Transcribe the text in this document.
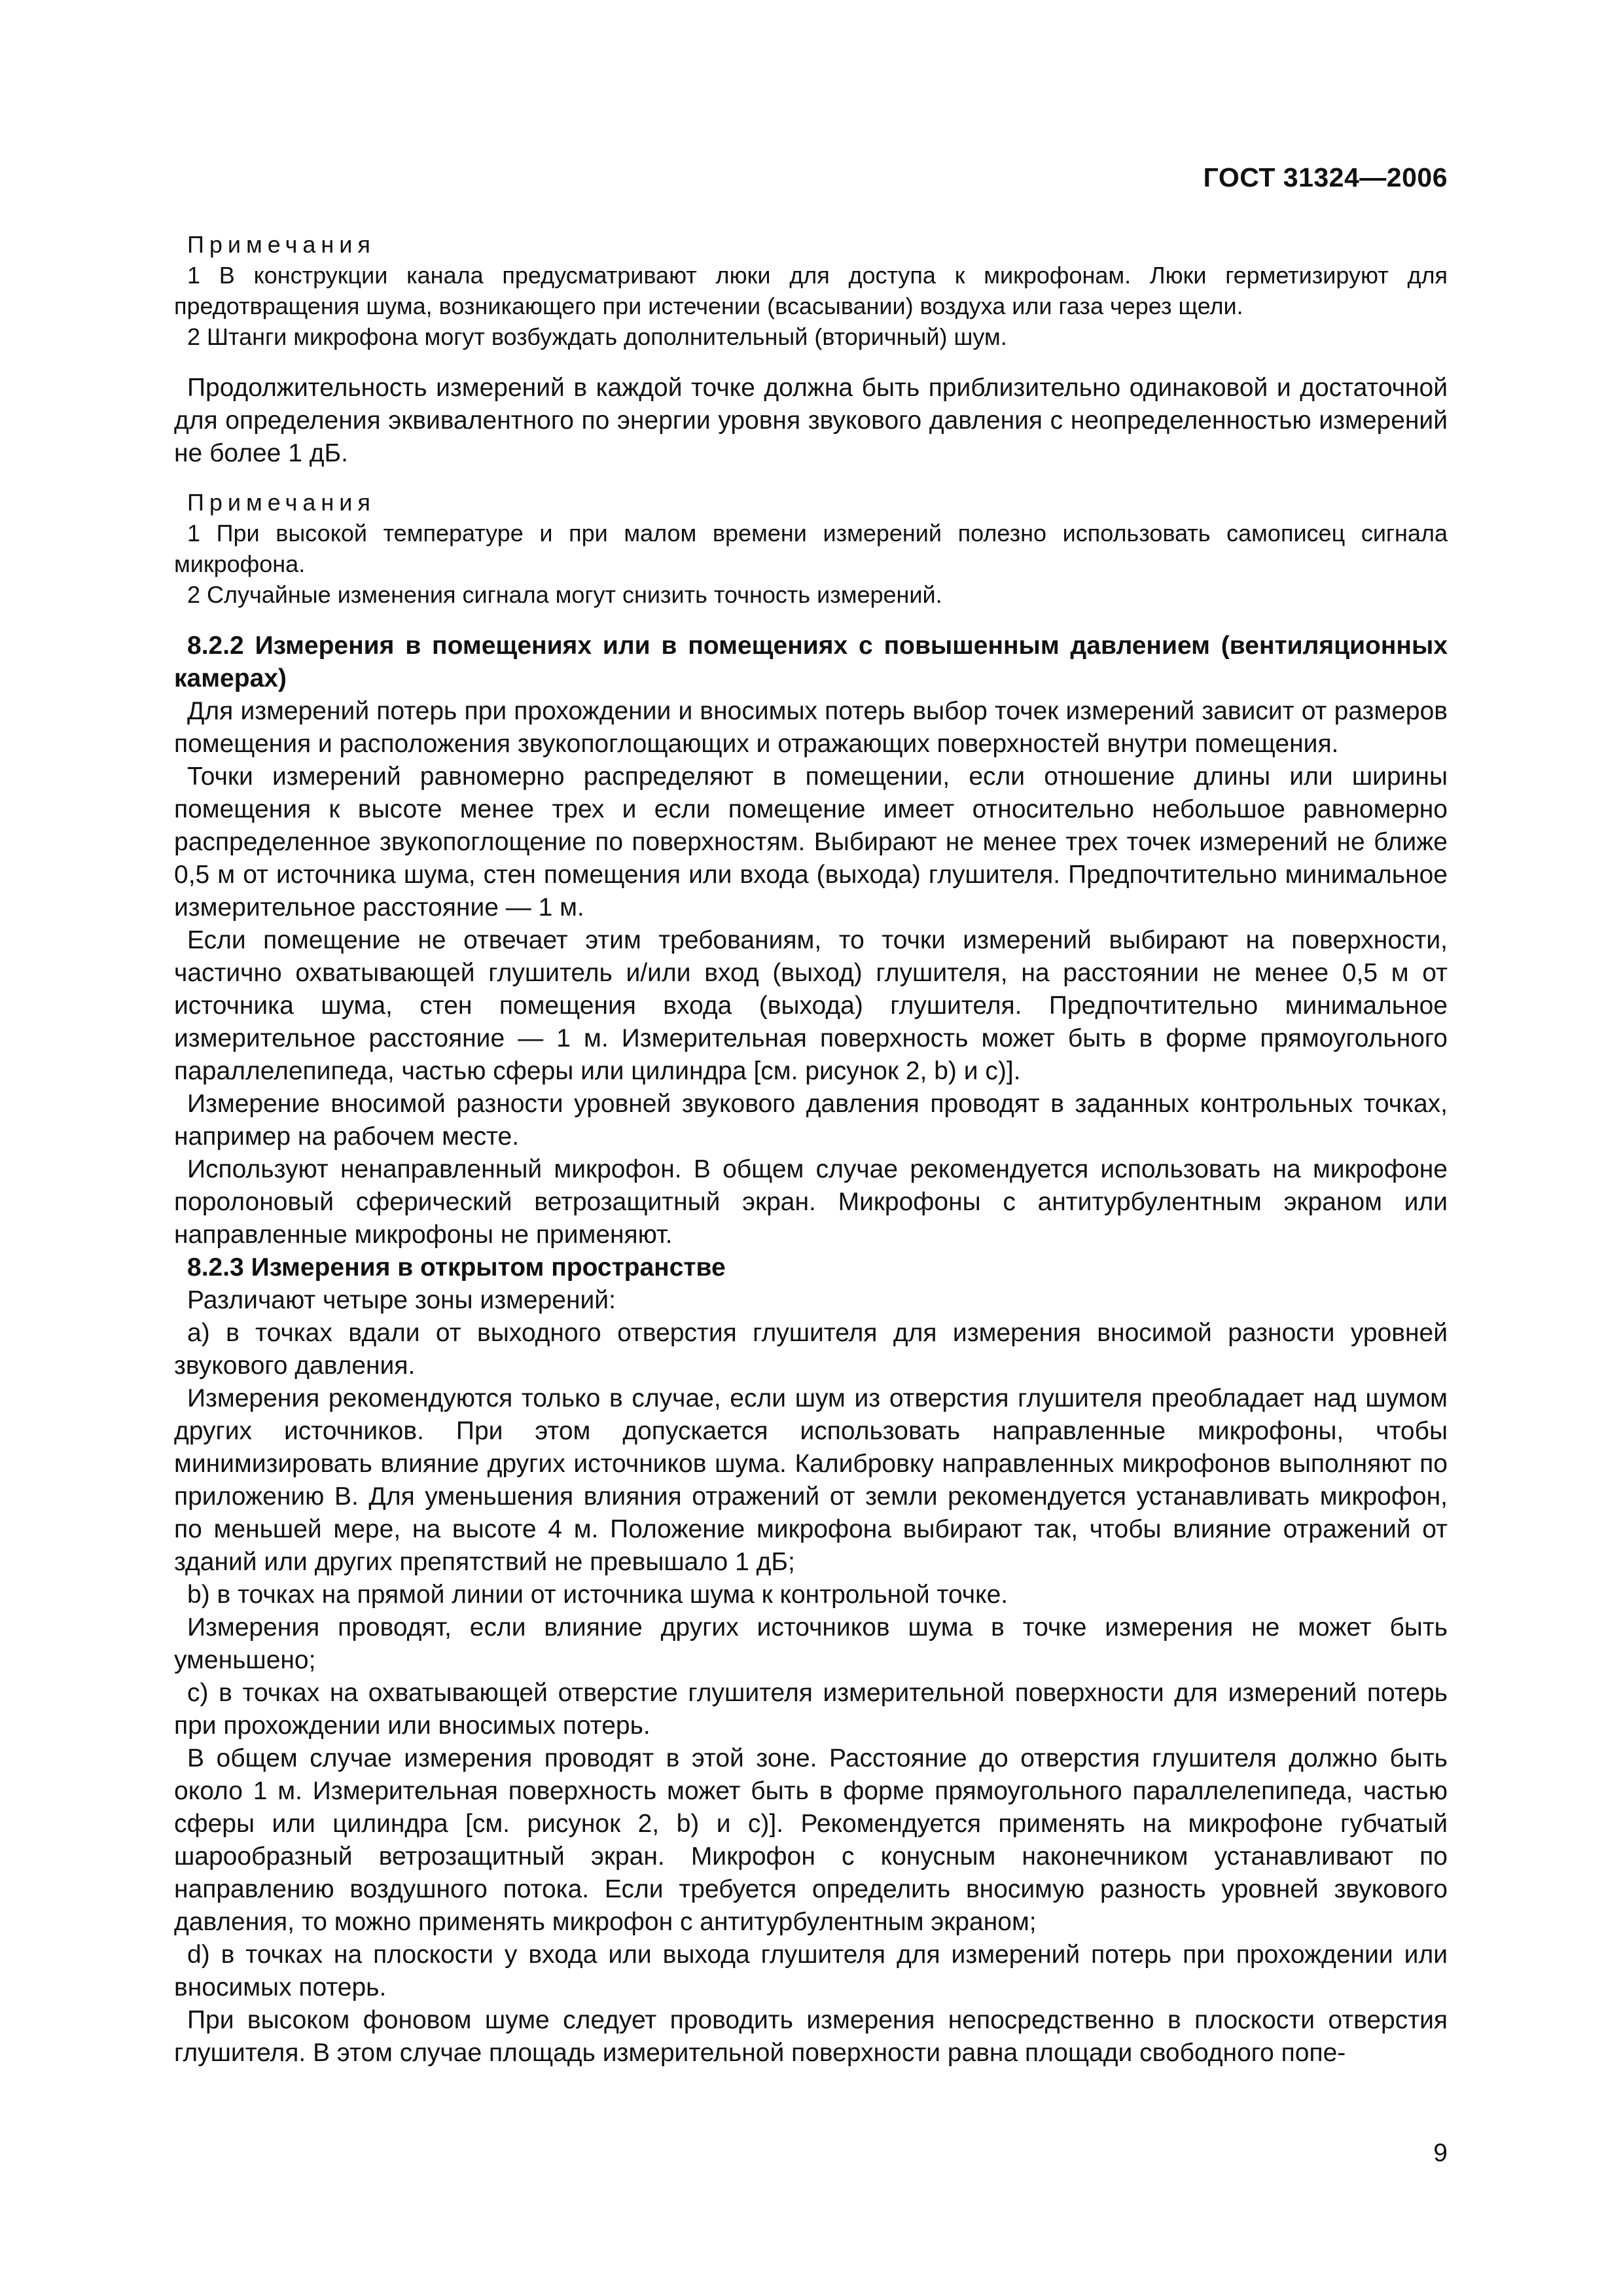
ГОСТ 31324—2006

Примечания

1 В конструкции канала предусматривают люки для доступа к микрофонам. Люки герметизируют для предотвращения шума, возникающего при истечении (всасывании) воздуха или газа через щели.

2 Штанги микрофона могут возбуждать дополнительный (вторичный) шум.

Продолжительность измерений в каждой точке должна быть приблизительно одинаковой и достаточной для определения эквивалентного по энергии уровня звукового давления с неопределенностью измерений не более 1 дБ.

Примечания

1 При высокой температуре и при малом времени измерений полезно использовать самописец сигнала микрофона.

2 Случайные изменения сигнала могут снизить точность измерений.

8.2.2 Измерения в помещениях или в помещениях с повышенным давлением (вентиляционных камерах)

Для измерений потерь при прохождении и вносимых потерь выбор точек измерений зависит от размеров помещения и расположения звукопоглощающих и отражающих поверхностей внутри помещения.

Точки измерений равномерно распределяют в помещении, если отношение длины или ширины помещения к высоте менее трех и если помещение имеет относительно небольшое равномерно распределенное звукопоглощение по поверхностям. Выбирают не менее трех точек измерений не ближе 0,5 м от источника шума, стен помещения или входа (выхода) глушителя. Предпочтительно минимальное измерительное расстояние — 1 м.

Если помещение не отвечает этим требованиям, то точки измерений выбирают на поверхности, частично охватывающей глушитель и/или вход (выход) глушителя, на расстоянии не менее 0,5 м от источника шума, стен помещения входа (выхода) глушителя. Предпочтительно минимальное измерительное расстояние — 1 м. Измерительная поверхность может быть в форме прямоугольного параллелепипеда, частью сферы или цилиндра [см. рисунок 2, b) и c)].

Измерение вносимой разности уровней звукового давления проводят в заданных контрольных точках, например на рабочем месте.

Используют ненаправленный микрофон. В общем случае рекомендуется использовать на микрофоне поролоновый сферический ветрозащитный экран. Микрофоны с антитурбулентным экраном или направленные микрофоны не применяют.

8.2.3 Измерения в открытом пространстве

Различают четыре зоны измерений:

a) в точках вдали от выходного отверстия глушителя для измерения вносимой разности уровней звукового давления.

Измерения рекомендуются только в случае, если шум из отверстия глушителя преобладает над шумом других источников. При этом допускается использовать направленные микрофоны, чтобы минимизировать влияние других источников шума. Калибровку направленных микрофонов выполняют по приложению В. Для уменьшения влияния отражений от земли рекомендуется устанавливать микрофон, по меньшей мере, на высоте 4 м. Положение микрофона выбирают так, чтобы влияние отражений от зданий или других препятствий не превышало 1 дБ;

b) в точках на прямой линии от источника шума к контрольной точке.

Измерения проводят, если влияние других источников шума в точке измерения не может быть уменьшено;

c) в точках на охватывающей отверстие глушителя измерительной поверхности для измерений потерь при прохождении или вносимых потерь.

В общем случае измерения проводят в этой зоне. Расстояние до отверстия глушителя должно быть около 1 м. Измерительная поверхность может быть в форме прямоугольного параллелепипеда, частью сферы или цилиндра [см. рисунок 2, b) и c)]. Рекомендуется применять на микрофоне губчатый шарообразный ветрозащитный экран. Микрофон с конусным наконечником устанавливают по направлению воздушного потока. Если требуется определить вносимую разность уровней звукового давления, то можно применять микрофон с антитурбулентным экраном;

d) в точках на плоскости у входа или выхода глушителя для измерений потерь при прохождении или вносимых потерь.

При высоком фоновом шуме следует проводить измерения непосредственно в плоскости отверстия глушителя. В этом случае площадь измерительной поверхности равна площади свободного попе-

9
